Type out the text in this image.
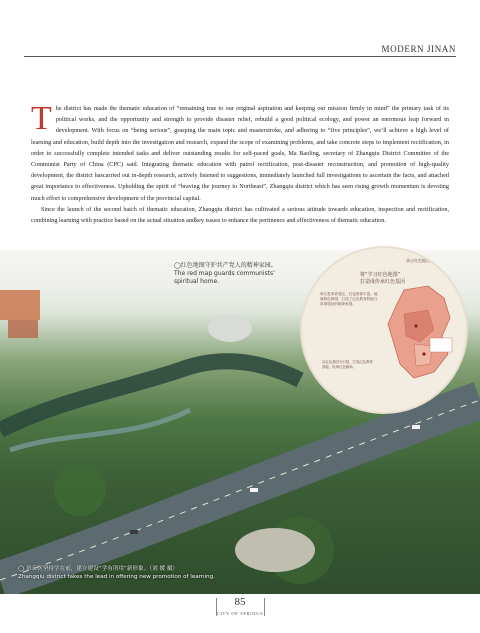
MODERN JINAN

The district has made the thematic education of “remaining true to our original aspiration and keeping our mission firmly in mind” the primary task of its political works, and the opportunity and strength to provide disaster relief, rebuild a good political ecology, and power an enormous leap forward in development. With focus on “being serious”, grasping the main topic and masterstroke, and adhering to “five principles”, we’ll achieve a high level of learning and education, build depth into the investigation and research, expand the scope of examining problems, and take concrete steps to implement rectification, in order to successfully complete intended tasks and deliver outstanding results for self-paced goals, Ma Baoling, secretary of Zhangqiu District Committee of the Communist Party of China (CPC) said. Integrating thematic education with patrol rectification, post-disaster reconstruction, and promotion of high-quality development, the district hascarried out in-depth research, actively listened to suggestions, immediately launched full investigations to ascertain the facts, and attached great importance to effectiveness. Upholding the spirit of “braving the journey to Northeast”, Zhangqiu district which has seen rising growth momentum is devoting much effort to comprehensive development of the provincial capital.

Since the launch of the second batch of thematic education, Zhangqiu district has cultivated a serious attitude towards education, inspection and rectification, combining learning with practice based on the actual situation andkey issues to enhance the pertinence and effectiveness of thematic education.

◯红色地图守护共产党人的精神家园。
The red map guards communists’ spiritual home.
章丘红色地图
将“学习红色地图”
打造成传承红色基因
章丘是革命老区，红色资源丰富，地域特色鲜明，打造了红色教育阵地与革命遗址的精神家园。
以红色基因为引领，打造红色教育基地，传承红色精神。
◯ 章丘区坚持学在前，建立建设“学有所用”新形象。（刘 媛 摄）
Zhangqiu district takes the lead in offering new promotion of learning.
85
CITY OF SPRINGS
